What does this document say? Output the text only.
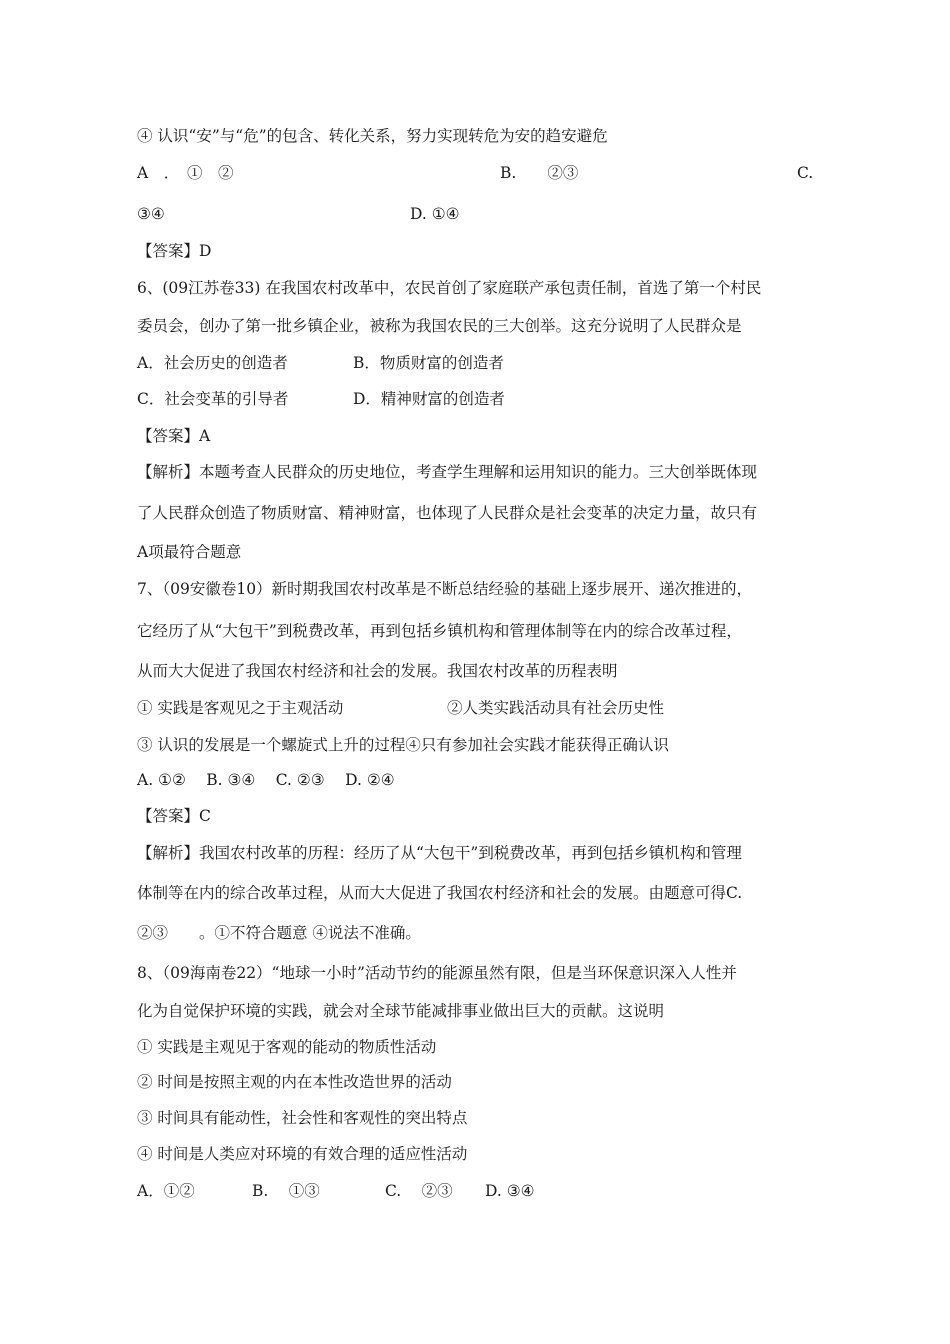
④ 认识“安”与“危”的包含、转化关系，努力实现转危为安的趋安避危
A　．　①　②	B.　　②③	C.
③④	D. ①④
【答案】D
6、(09江苏卷33) 在我国农村改革中，农民首创了家庭联产承包责任制，首选了第一个村民
委员会，创办了第一批乡镇企业，被称为我国农民的三大创举。这充分说明了人民群众是
A．社会历史的创造者	B．物质财富的创造者
C．社会变革的引导者	D．精神财富的创造者
【答案】A
【解析】本题考查人民群众的历史地位，考查学生理解和运用知识的能力。三大创举既体现
了人民群众创造了物质财富、精神财富，也体现了人民群众是社会变革的决定力量，故只有
A项最符合题意
7、（09安徽卷10）新时期我国农村改革是不断总结经验的基础上逐步展开、递次推进的，
它经历了从“大包干”到税费改革，再到包括乡镇机构和管理体制等在内的综合改革过程，
从而大大促进了我国农村经济和社会的发展。我国农村改革的历程表明
① 实践是客观见之于主观活动	②人类实践活动具有社会历史性
③ 认识的发展是一个螺旋式上升的过程④只有参加社会实践才能获得正确认识
A. ①②　 B. ③④　 C. ②③　 D. ②④
【答案】C
【解析】我国农村改革的历程：经历了从“大包干”到税费改革，再到包括乡镇机构和管理
体制等在内的综合改革过程，从而大大促进了我国农村经济和社会的发展。由题意可得C.
②③　　。①不符合题意 ④说法不准确。
8、（09海南卷22）“地球一小时”活动节约的能源虽然有限，但是当环保意识深入人性并
化为自觉保护环境的实践，就会对全球节能减排事业做出巨大的贡献。这说明
① 实践是主观见于客观的能动的物质性活动
② 时间是按照主观的内在本性改造世界的活动
③ 时间具有能动性，社会性和客观性的突出特点
④ 时间是人类应对环境的有效合理的适应性活动
A．①②	B.　 ①③	C.　 ②③ D. ③④
